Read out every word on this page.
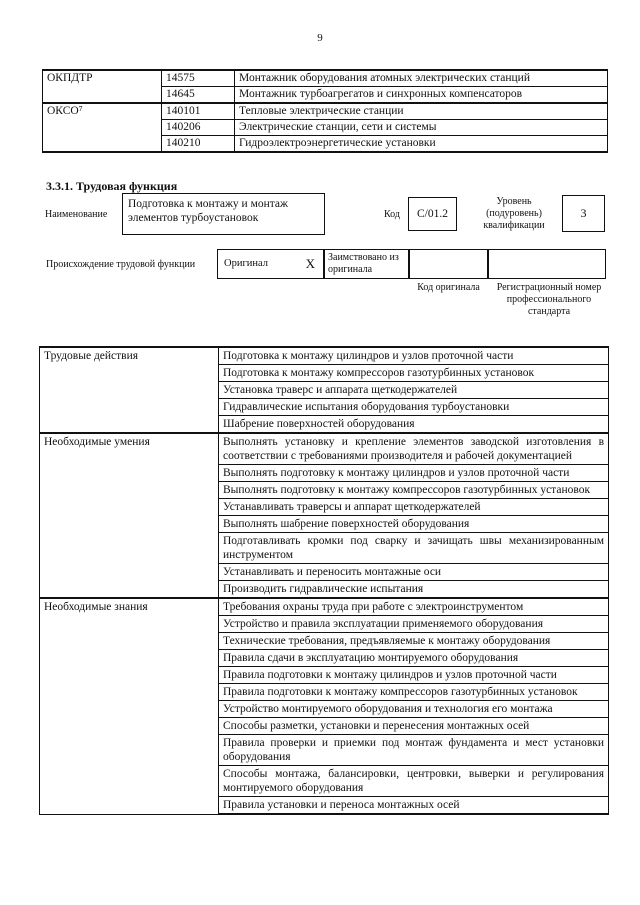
9
ОКПДТР	14575	Монтажник оборудования атомных электрических станций
	14645	Монтажник турбоагрегатов и синхронных компенсаторов
ОКСО⁷	140101	Тепловые электрические станции
	140206	Электрические станции, сети и системы
	140210	Гидроэлектроэнергетические установки
3.3.1. Трудовая функция
Наименование
Подготовка к монтажу и монтаж элементов турбоустановок	Код	С/01.2
Уровень (подуровень) квалификации
3
Происхождение трудовой функции	Оригинал	X	Заимствовано из оригинала
Код оригинала	Регистрационный номер профессионального стандарта
Трудовые действия	Подготовка к монтажу цилиндров и узлов проточной части
	Подготовка к монтажу компрессоров газотурбинных установок
	Установка траверс и аппарата щеткодержателей
	Гидравлические испытания оборудования турбоустановки
	Шабрение поверхностей оборудования
Необходимые умения	Выполнять установку и крепление элементов заводской изготовления в соответствии с требованиями производителя и рабочей документацией
	Выполнять подготовку к монтажу цилиндров и узлов проточной части
	Выполнять подготовку к монтажу компрессоров газотурбинных установок
	Устанавливать траверсы и аппарат щеткодержателей
	Выполнять шабрение поверхностей оборудования
	Подготавливать кромки под сварку и зачищать швы механизированным инструментом
	Устанавливать и переносить монтажные оси
	Производить гидравлические испытания
Необходимые знания	Требования охраны труда при работе с электроинструментом
	Устройство и правила эксплуатации применяемого оборудования
	Технические требования, предъявляемые к монтажу оборудования
	Правила сдачи в эксплуатацию монтируемого оборудования
	Правила подготовки к монтажу цилиндров и узлов проточной части
	Правила подготовки к монтажу компрессоров газотурбинных установок
	Устройство монтируемого оборудования и технология его монтажа
	Способы разметки, установки и перенесения монтажных осей
	Правила проверки и приемки под монтаж фундамента и мест установки оборудования
	Способы монтажа, балансировки, центровки, выверки и регулирования монтируемого оборудования
	Правила установки и переноса монтажных осей
